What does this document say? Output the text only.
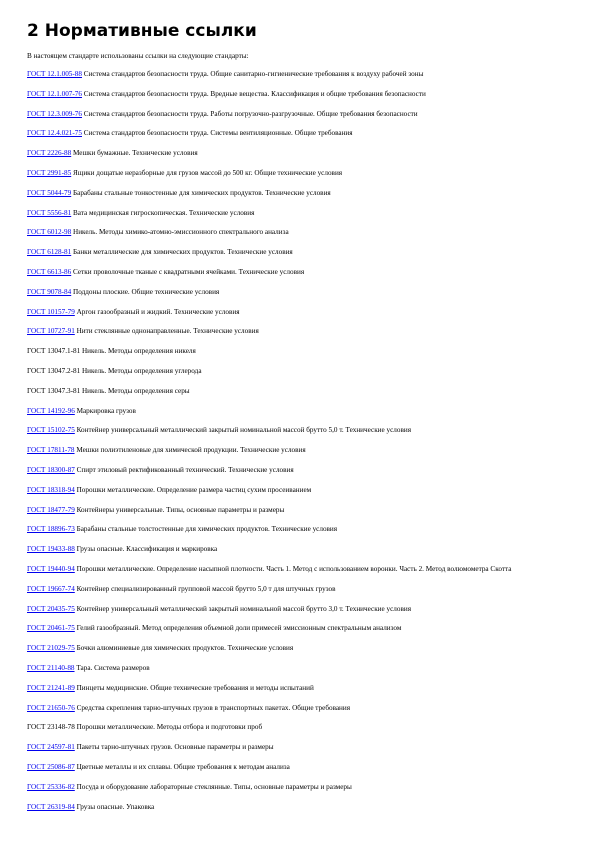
2 Нормативные ссылки
В настоящем стандарте использованы ссылки на следующие стандарты:

ГОСТ 12.1.005-88 Система стандартов безопасности труда. Общие санитарно-гигиенические требования к воздуху рабочей зоны

ГОСТ 12.1.007-76 Система стандартов безопасности труда. Вредные вещества. Классификация и общие требования безопасности

ГОСТ 12.3.009-76 Система стандартов безопасности труда. Работы погрузочно-разгрузочные. Общие требования безопасности

ГОСТ 12.4.021-75 Система стандартов безопасности труда. Системы вентиляционные. Общие требования

ГОСТ 2226-88 Мешки бумажные. Технические условия

ГОСТ 2991-85 Ящики дощатые неразборные для грузов массой до 500 кг. Общие технические условия

ГОСТ 5044-79 Барабаны стальные тонкостенные для химических продуктов. Технические условия

ГОСТ 5556-81 Вата медицинская гигроскопическая. Технические условия

ГОСТ 6012-98 Никель. Методы химико-атомно-эмиссионного спектрального анализа

ГОСТ 6128-81 Банки металлические для химических продуктов. Технические условия

ГОСТ 6613-86 Сетки проволочные тканые с квадратными ячейками. Технические условия

ГОСТ 9078-84 Поддоны плоские. Общие технические условия

ГОСТ 10157-79 Аргон газообразный и жидкий. Технические условия

ГОСТ 10727-91 Нити стеклянные однонаправленные. Технические условия

ГОСТ 13047.1-81 Никель. Методы определения никеля

ГОСТ 13047.2-81 Никель. Методы определения углерода

ГОСТ 13047.3-81 Никель. Методы определения серы

ГОСТ 14192-96 Маркировка грузов

ГОСТ 15102-75 Контейнер универсальный металлический закрытый номинальной массой брутто 5,0 т. Технические условия

ГОСТ 17811-78 Мешки полиэтиленовые для химической продукции. Технические условия

ГОСТ 18300-87 Спирт этиловый ректификованный технический. Технические условия

ГОСТ 18318-94 Порошки металлические. Определение размера частиц сухим просеиванием

ГОСТ 18477-79 Контейнеры универсальные. Типы, основные параметры и размеры

ГОСТ 18896-73 Барабаны стальные толстостенные для химических продуктов. Технические условия

ГОСТ 19433-88 Грузы опасные. Классификация и маркировка

ГОСТ 19440-94 Порошки металлические. Определение насыпной плотности. Часть 1. Метод с использованием воронки. Часть 2. Метод волюмометра Скотта

ГОСТ 19667-74 Контейнер специализированный групповой массой брутто 5,0 т для штучных грузов

ГОСТ 20435-75 Контейнер универсальный металлический закрытый номинальной массой брутто 3,0 т. Технические условия

ГОСТ 20461-75 Гелий газообразный. Метод определения объемной доли примесей эмиссионным спектральным анализом

ГОСТ 21029-75 Бочки алюминиевые для химических продуктов. Технические условия

ГОСТ 21140-88 Тара. Система размеров

ГОСТ 21241-89 Пинцеты медицинские. Общие технические требования и методы испытаний

ГОСТ 21650-76 Средства скрепления тарно-штучных грузов в транспортных пакетах. Общие требования

ГОСТ 23148-78 Порошки металлические. Методы отбора и подготовки проб

ГОСТ 24597-81 Пакеты тарно-штучных грузов. Основные параметры и размеры

ГОСТ 25086-87 Цветные металлы и их сплавы. Общие требования к методам анализа

ГОСТ 25336-82 Посуда и оборудование лабораторные стеклянные. Типы, основные параметры и размеры

ГОСТ 26319-84 Грузы опасные. Упаковка
